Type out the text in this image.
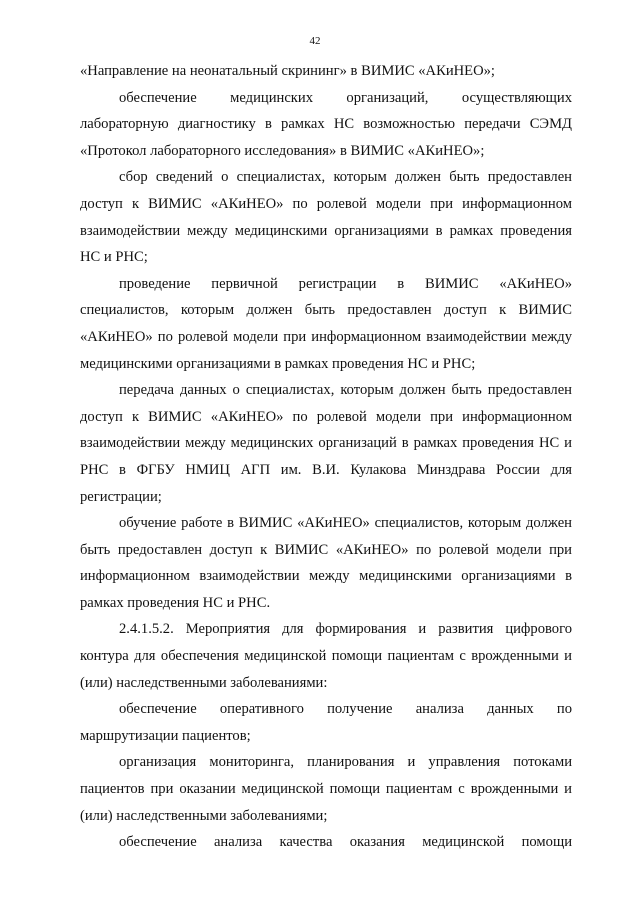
42

«Направление на неонатальный скрининг» в ВИМИС «АКиНЕО»;

обеспечение медицинских организаций, осуществляющих лабораторную диагностику в рамках НС возможностью передачи СЭМД «Протокол лабораторного исследования» в ВИМИС «АКиНЕО»;

сбор сведений о специалистах, которым должен быть предоставлен доступ к ВИМИС «АКиНЕО» по ролевой модели при информационном взаимодействии между медицинскими организациями в рамках проведения НС и РНС;

проведение первичной регистрации в ВИМИС «АКиНЕО» специалистов, которым должен быть предоставлен доступ к ВИМИС «АКиНЕО» по ролевой модели при информационном взаимодействии между медицинскими организациями в рамках проведения НС и РНС;

передача данных о специалистах, которым должен быть предоставлен доступ к ВИМИС «АКиНЕО» по ролевой модели при информационном взаимодействии между медицинских организаций в рамках проведения НС и РНС в ФГБУ НМИЦ АГП им. В.И. Кулакова Минздрава России для регистрации;

обучение работе в ВИМИС «АКиНЕО» специалистов, которым должен быть предоставлен доступ к ВИМИС «АКиНЕО» по ролевой модели при информационном взаимодействии между медицинскими организациями в рамках проведения НС и РНС.

2.4.1.5.2. Мероприятия для формирования и развития цифрового контура для обеспечения медицинской помощи пациентам с врожденными и (или) наследственными заболеваниями:

обеспечение оперативного получение анализа данных по маршрутизации пациентов;

организация мониторинга, планирования и управления потоками пациентов при оказании медицинской помощи пациентам с врожденными и (или) наследственными заболеваниями;

обеспечение анализа качества оказания медицинской помощи
